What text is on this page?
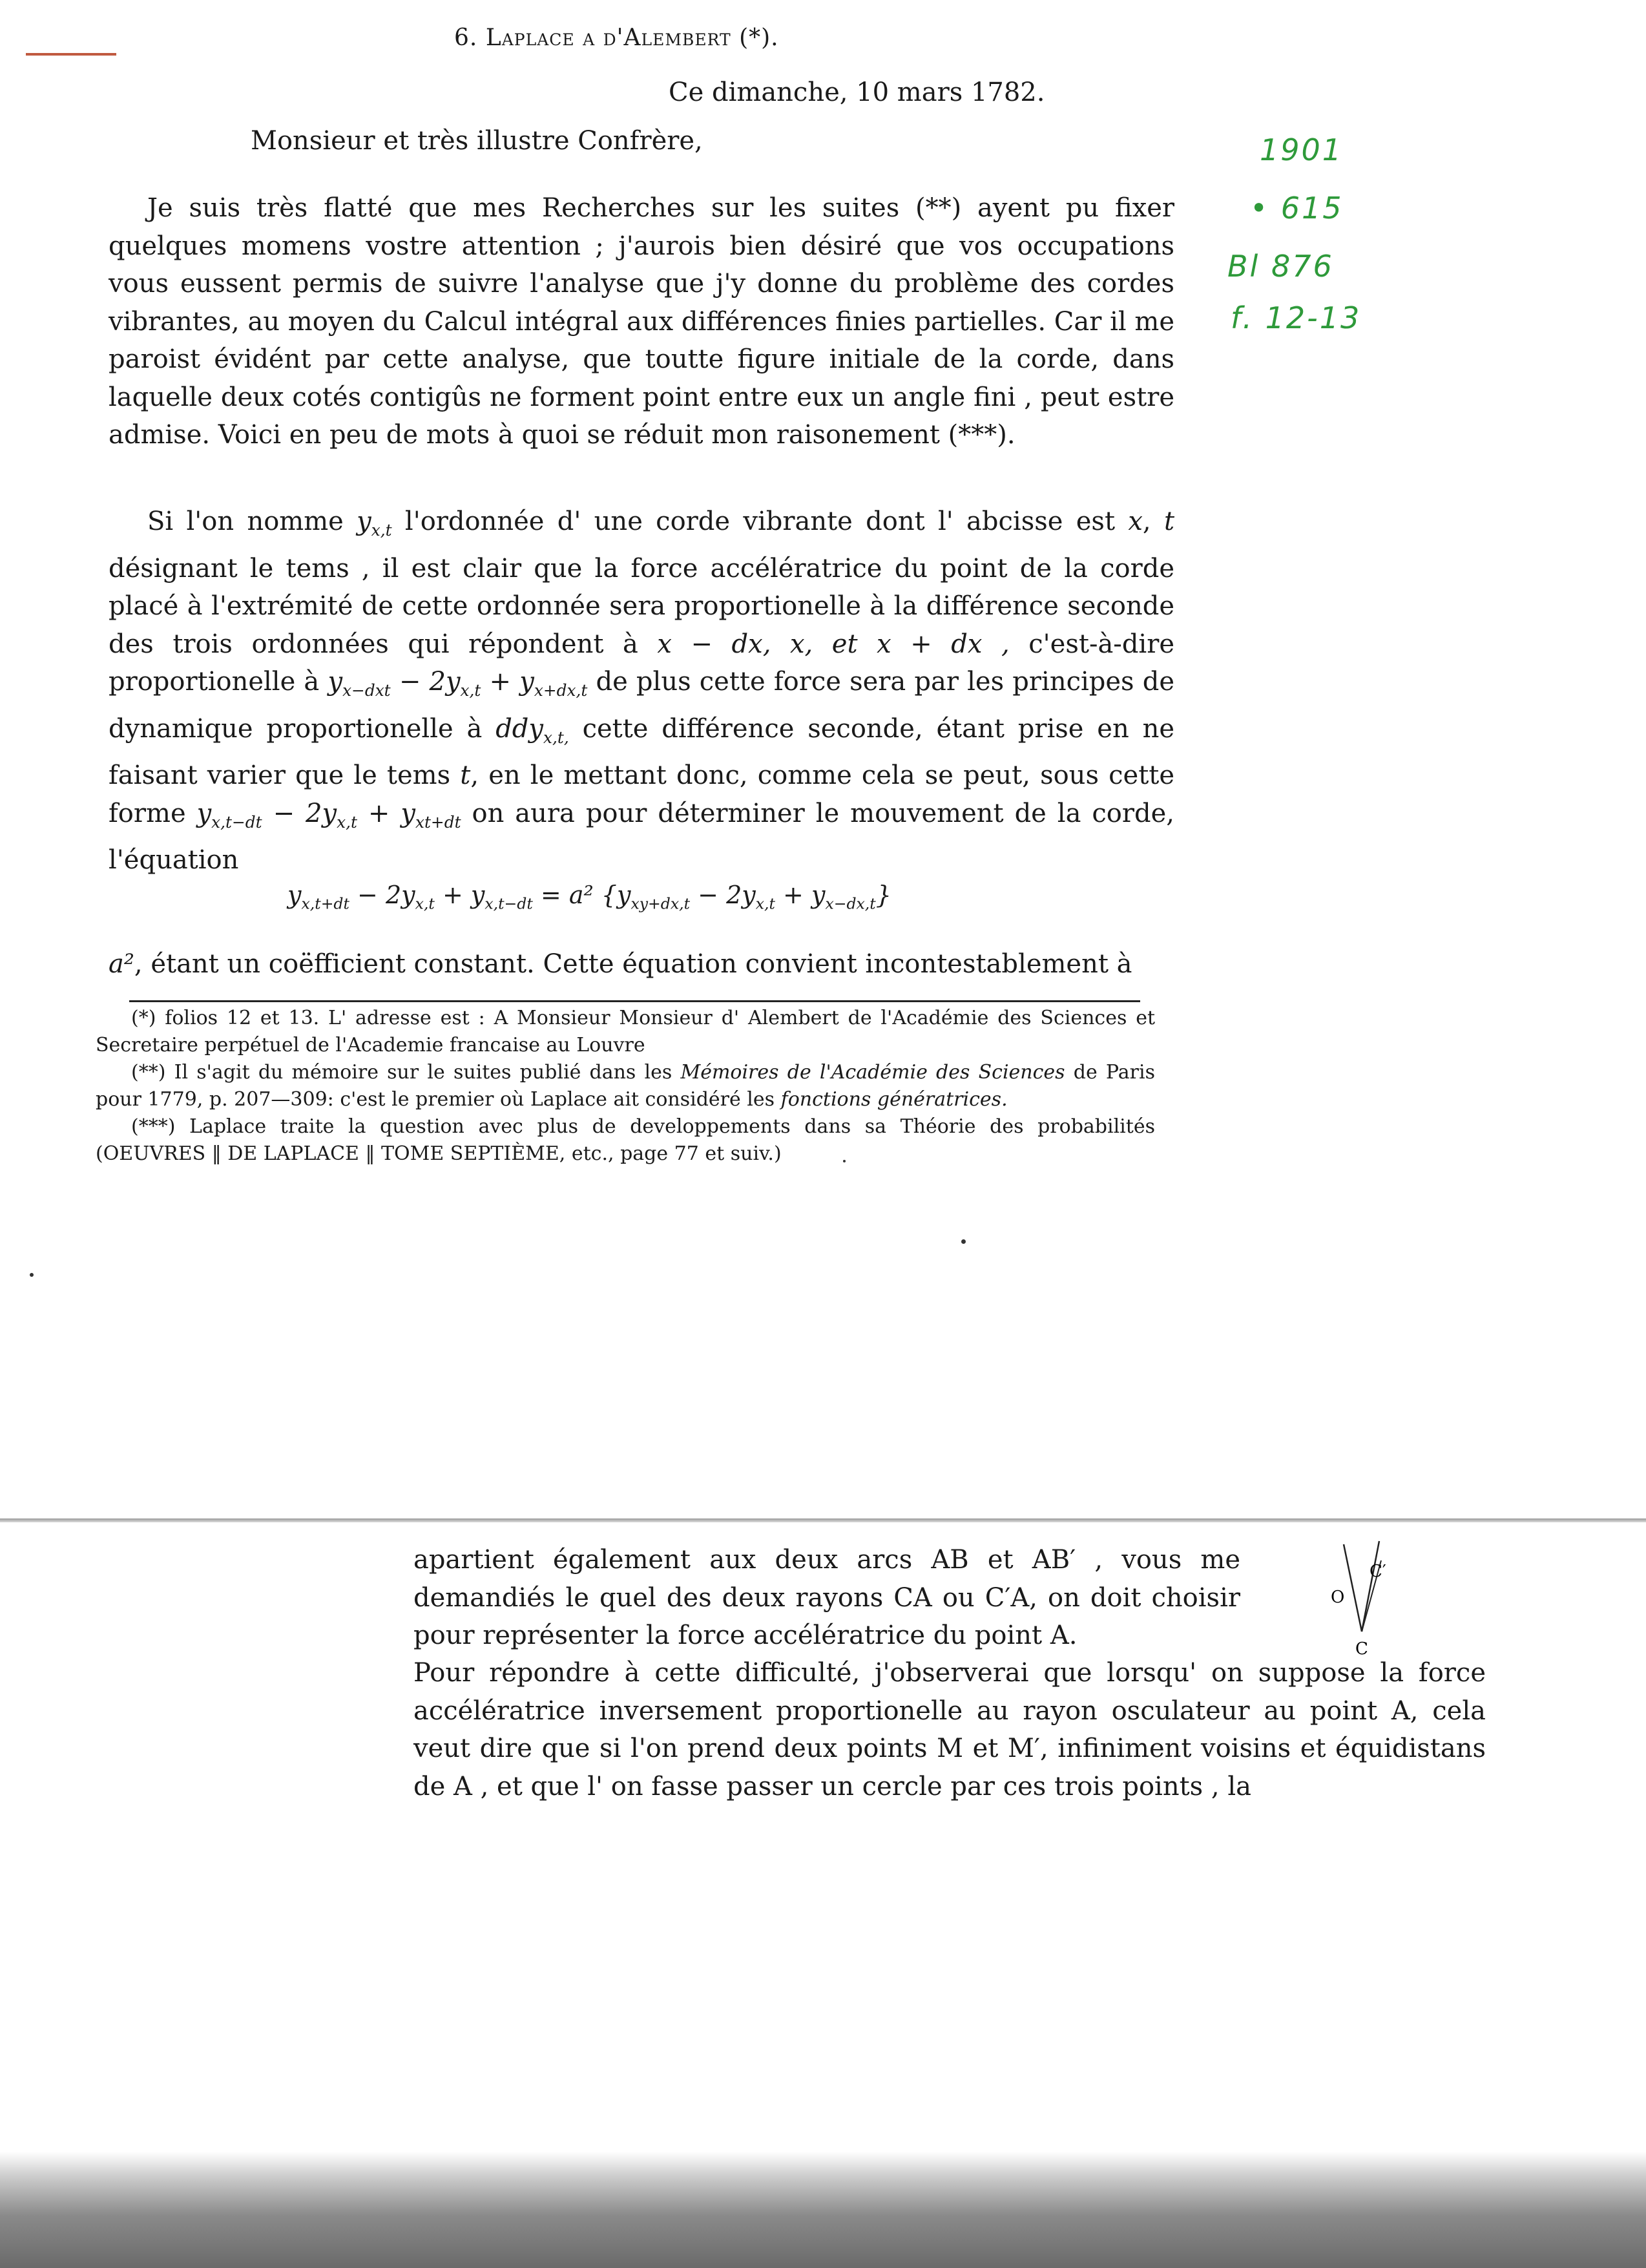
6. Laplace a d'Alembert (*).
Ce dimanche, 10 mars 1782.
Monsieur et très illustre Confrère,	1901
• 615
Bl 876
f. 12-13

Je suis très flatté que mes Recherches sur les suites (**) ayent pu fixer quelques momens vostre attention ; j'aurois bien désiré que vos occupations vous eussent permis de suivre l'analyse que j'y donne du problème des cordes vibrantes, au moyen du Calcul intégral aux différences finies partielles. Car il me paroist évidént par cette analyse, que toutte figure initiale de la corde, dans laquelle deux cotés contigûs ne forment point entre eux un angle fini , peut estre admise. Voici en peu de mots à quoi se réduit mon raisonement (***).

Si l'on nomme $y_{x,t}$ l'ordonnée d' une corde vibrante dont l' abcisse est x, t désignant le tems , il est clair que la force accélératrice du point de la corde placé à l'extrémité de cette ordonnée sera proportionelle à la différence seconde des trois ordonnées qui répondent à x − dx, x, et x + dx , c'est-à-dire proportionelle à $y_{x-dxt} - 2y_{x,t} + y_{x+dx,t}$ de plus cette force sera par les principes de dynamique proportionelle à ddy$_{x,t,}$ cette différence seconde, étant prise en ne faisant varier que le tems t, en le mettant donc, comme cela se peut, sous cette forme $y_{x,t-dt} - 2y_{x,t} + y_{xt+dt}$ on aura pour déterminer le mouvement de la corde, l'équation

$y_{x,t+dt} - 2y_{x,t} + y_{x,t-dt} = a^2$ $\{y_{xy+dx,t} - 2y_{x,t} + y_{x-dx,t}\}$

a², étant un coëfficient constant. Cette équation convient incontestablement à

(*) folios 12 et 13. L' adresse est : A Monsieur Monsieur d' Alembert de l'Académie des Sciences et Secretaire perpétuel de l'Academie francaise au Louvre

(**) Il s'agit du mémoire sur le suites publié dans les Mémoires de l'Académie des Sciences de Paris pour 1779, p. 207—309: c'est le premier où Laplace ait considéré les fonctions génératrices.

(***) Laplace traite la question avec plus de developpements dans sa Théorie des probabilités (OEUVRES ‖ DE LAPLACE ‖ TOME SEPTIÈME, etc., page 77 et suiv.)

apartient également aux deux arcs AB et AB′ , vous me demandiés le quel des deux rayons CA ou C′A, on doit choisir pour représenter la force accélératrice du point A.

Pour répondre à cette difficulté, j'observerai que lorsqu' on suppose la force accélératrice inversement proportionelle au rayon osculateur au point A, cela veut dire que si l'on prend deux points M et M′, infiniment voisins et équidistans de A , et que l' on fasse passer un cercle par ces trois points , la

O
C′
C
